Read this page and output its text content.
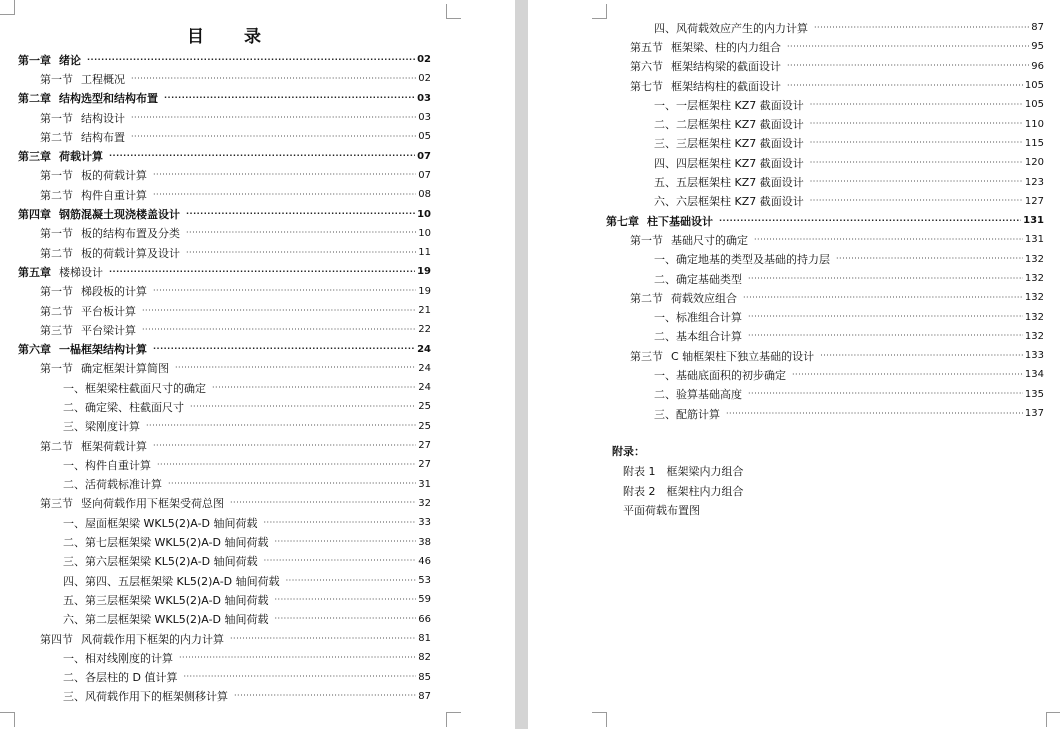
目　　录
第一章 绪论 ·····	02
第一节 工程概况 ·····	02
第二章 结构选型和结构布置 ·····	03
第一节 结构设计 ·····	03
第二节 结构布置 ·····	05
第三章 荷载计算 ·····	07
第一节 板的荷载计算 ·····	07
第二节 构件自重计算 ·····	08
第四章 钢筋混凝土现浇楼盖设计 ·····	10
第一节 板的结构布置及分类 ·····	10
第二节 板的荷载计算及设计 ·····	11
第五章 楼梯设计 ·····	19
第一节 梯段板的计算 ·····	19
第二节 平台板计算 ·····	21
第三节 平台梁计算 ·····	22
第六章 一榀框架结构计算 ·····	24
第一节 确定框架计算简图 ·····	24
一、框架梁柱截面尺寸的确定 ·····	24
二、确定梁、柱截面尺寸 ·····	25
三、梁刚度计算 ·····	25
第二节 框架荷载计算 ·····	27
一、构件自重计算 ·····	27
二、活荷载标准计算 ·····	31
第三节 竖向荷载作用下框架受荷总图 ·····	32
一、屋面框架梁 WKL5(2)A-D 轴间荷载 ·····	33
二、第七层框架梁 WKL5(2)A-D 轴间荷载 ·····	38
三、第六层框架梁 KL5(2)A-D 轴间荷载 ·····	46
四、第四、五层框架梁 KL5(2)A-D 轴间荷载 ·····	53
五、第三层框架梁 WKL5(2)A-D 轴间荷载 ·····	59
六、第二层框架梁 WKL5(2)A-D 轴间荷载 ·····	66
第四节 风荷载作用下框架的内力计算 ·····	81
一、相对线刚度的计算 ·····	82
二、各层柱的 D 值计算 ·····	85
三、风荷载作用下的框架侧移计算 ·····	87
四、风荷载效应产生的内力计算 ·····	87
第五节 框架梁、柱的内力组合 ·····	95
第六节 框架结构梁的截面设计 ·····	96
第七节 框架结构柱的截面设计 ·····	105
一、一层框架柱 KZ7 截面设计 ·····	105
二、二层框架柱 KZ7 截面设计 ·····	110
三、三层框架柱 KZ7 截面设计 ·····	115
四、四层框架柱 KZ7 截面设计 ·····	120
五、五层框架柱 KZ7 截面设计 ·····	123
六、六层框架柱 KZ7 截面设计 ·····	127
第七章 柱下基础设计 ·····	131
第一节 基础尺寸的确定 ·····	131
一、确定地基的类型及基础的持力层 ·····	132
二、确定基础类型 ·····	132
第二节 荷载效应组合 ·····	132
一、标准组合计算 ·····	132
二、基本组合计算 ·····	132
第三节 C 轴框架柱下独立基础的设计 ·····	133
一、基础底面积的初步确定 ·····	134
二、验算基础高度 ·····	135
三、配筋计算 ·····	137
附录：
附表 1　框架梁内力组合
附表 2　框架柱内力组合
平面荷载布置图
